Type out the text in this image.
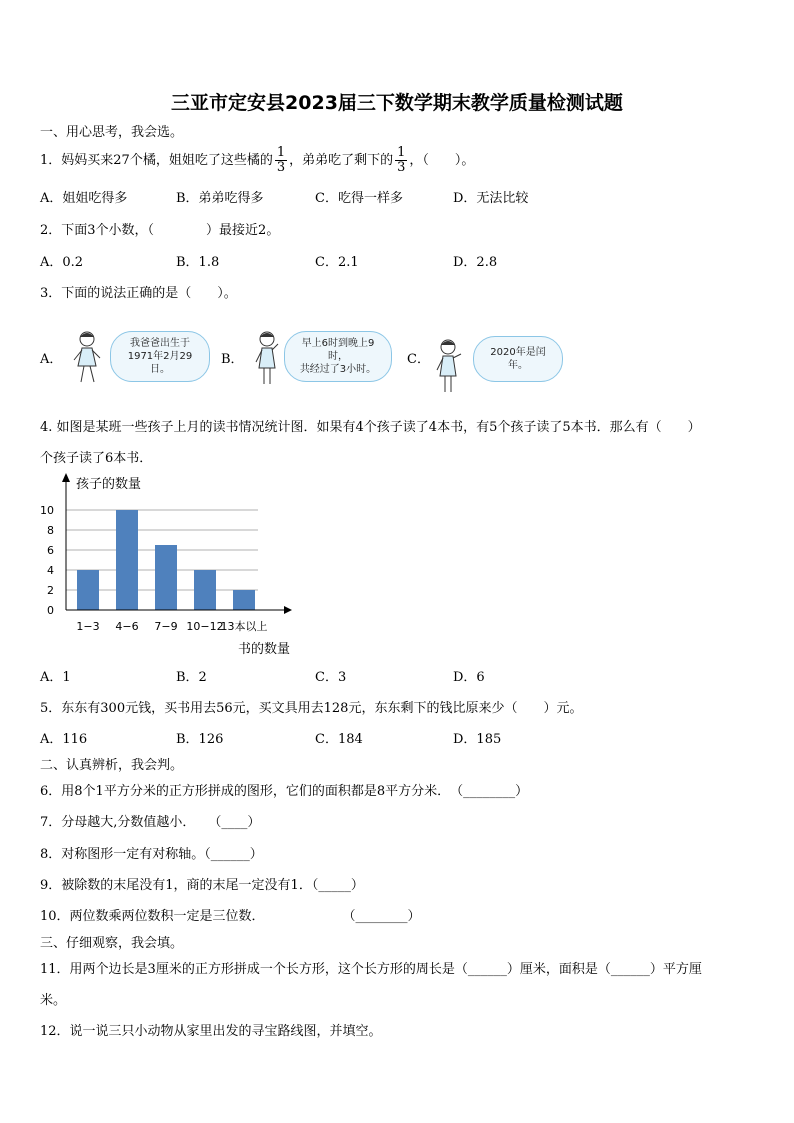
三亚市定安县2023届三下数学期末教学质量检测试题
一、用心思考，我会选。
1．妈妈买来27个橘，姐姐吃了这些橘的 $\frac{1}{3}$ ，弟弟吃了剩下的 $\frac{1}{3}$ ，（　　）。
A．姐姐吃得多	B．弟弟吃得多	C．吃得一样多	D．无法比较
2．下面3个小数，（　　　　）最接近2。
A．0.2	B．1.8	C．2.1	D．2.8
3．下面的说法正确的是（　　）。
A．
我爸爸出生于
1971年2月29日。
B．
早上6时到晚上9时，
共经过了3小时。
C．	2020年是闰年。
4. 如图是某班一些孩子上月的读书情况统计图．如果有4个孩子读了4本书，有5个孩子读了5本书．那么有（　　）
个孩子读了6本书．
孩子的数量
书的数量
0
2
4
6
8
10
1−3 4−6 7−9 10−12
13本以上
A．1	B．2	C．3	D．6
5．东东有300元钱，买书用去56元，买文具用去128元，东东剩下的钱比原来少（　　）元。
A．116	B．126	C．184	D．185
二、认真辨析，我会判。
6．用8个1平方分米的正方形拼成的图形，它们的面积都是8平方分米．　（________）
7．分母越大,分数值越小．　　（____）
8．对称图形一定有对称轴。（______）
9．被除数的末尾没有1，商的末尾一定没有1．（_____）
10．两位数乘两位数积一定是三位数．　　　　　　　（________）
三、仔细观察，我会填。
11．用两个边长是3厘米的正方形拼成一个长方形，这个长方形的周长是（______）厘米，面积是（______）平方厘
米。
12．说一说三只小动物从家里出发的寻宝路线图，并填空。
